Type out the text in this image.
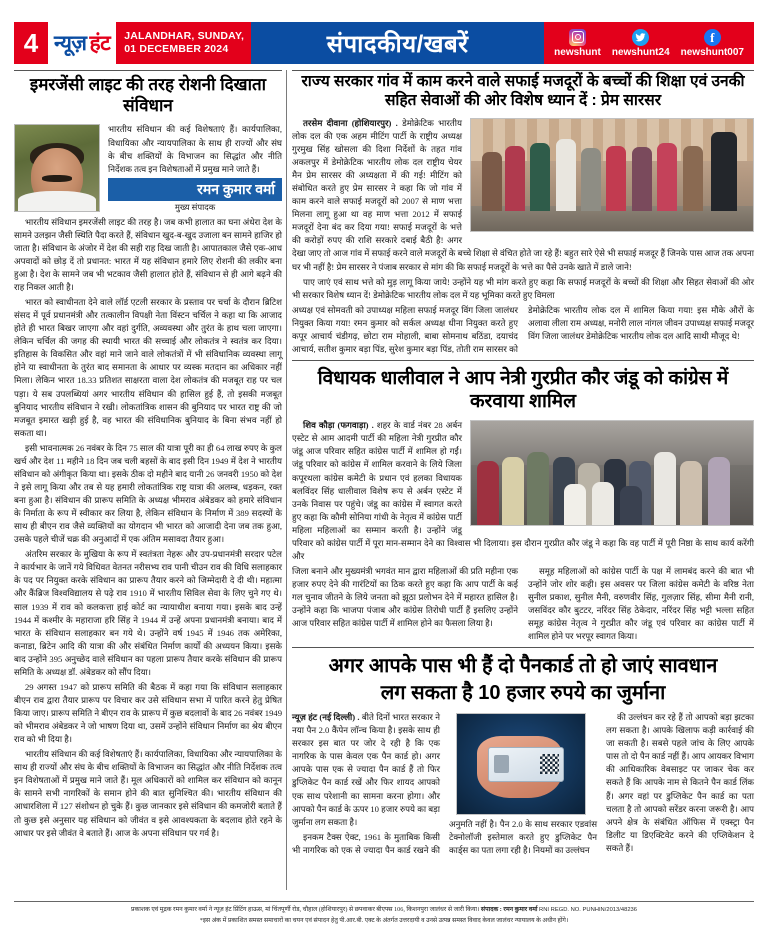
4 न्यूज़ हंट JALANDHAR, SUNDAY,
01 DECEMBER 2024	संपादकीय/खबरें	newshunt newshunt24
f
newshunt007
इमरजेंसी लाइट की तरह रोशनी दिखाता संविधान

भारतीय संविधान की कई विशेषताएं हैं। कार्यपालिका, विधायिका और न्यायपालिका के साथ ही राज्यों और संघ के बीच शक्तियों के विभाजन का सिद्धांत और नीति निर्देशक तत्व इन विशेषताओं में प्रमुख माने जाते हैं।

रमन कुमार वर्मा
मुख्य संपादक

भारतीय संविधान इमरजेंसी लाइट की तरह है। जब कभी हालात का घना अंधेरा देश के सामने उलझन जैसी स्थिति पैदा करते हैं, संविधान खुद-ब-खुद उजाला बन सामने हाजिर हो जाता है। संविधान के अंजोर में देश की सही राह दिख जाती है। आपातकाल जैसे एक-आध अपवादों को छोड़ दें तो प्रधानत: भारत में यह संविधान हमारे लिए रोशनी की लकीर बना हुआ है। देश के सामने जब भी भटकाव जैसी हालात होते हैं, संविधान से ही आगे बढ़ने की राह निकल आती है।

भारत को स्वाधीनता देने वाले लॉर्ड एटली सरकार के प्रस्ताव पर चर्चा के दौरान ब्रिटिश संसद में पूर्व प्रधानमंत्री और तत्कालीन विपक्षी नेता विंस्टन चर्चिल ने कहा था कि आजाद होते ही भारत बिखर जाएगा और वहां दुर्गति, अव्यवस्था और तुरंत के हाथ चला जाएगा। लेकिन चर्चिल की जगह की स्थायी भारत की सच्चाई और लोकतंत्र ने स्वतंत्र कर दिया। इतिहास के विकसित और वहां माने जाने वाले लोकतंत्रों में भी संविधानिक व्यवस्था लागू होने या स्वाधीनता के तुरंत बाद समानता के आधार पर व्यस्क मतदान का अधिकार नहीं मिला। लेकिन भारत 18.33 प्रतिशत साक्षरता वाला देश लोकतंत्र की मजबूत राह पर चल पड़ा। ये सब उपलब्धियां अगर भारतीय संविधान की हासिल हुई हैं, तो इसकी मजबूत बुनियाद भारतीय संविधान ने रखी। लोकतांत्रिक शासन की बुनियाद पर भारत राष्ट्र की जो मजबूत इमारत खड़ी हुई है, वह भारत की संविधानिक बुनियाद के बिना संभव नहीं हो सकता था।

इसी भावनात्मक 26 नवंबर के दिन 75 साल की यात्रा पूरी का ही 64 लाख रुपए के कुल खर्च और देश 11 महीने 18 दिन जब चली बहसों के बाद इसी दिन 1949 में देश ने भारतीय संविधान को अंगीकृत किया था। इसके ठीक दो महीने बाद यानी 26 जनवरी 1950 को देश ने इसे लागू किया और तब से यह हमारी लोकतांत्रिक राष्ट्र यात्रा की अलम्ब, धड़कन, रक्त बना हुआ है। संविधान की प्रारूप समिति के अध्यक्ष भीमराव अंबेडकर को हमारे संविधान के निर्माता के रूप में स्वीकार कर लिया है, लेकिन संविधान के निर्माण में 389 सदस्यों के साथ ही बीएन राव जैसे व्यक्तियों का योगदान भी भारत को आजादी देना जब तक हुआ, उसके पहले चीजें चक्र की अनुआदों में एक अंतिम मसावदा तैयार हुआ।

अंतरिम सरकार के मुखिया के रूप में स्वतंत्रता नेहरू और उप-प्रधानमंत्री सरदार पटेल ने कार्यभार के जानें गये विधिवत वेतनत नरीसभ्य राव पानी चीउन राव की विधि सलाहकार के पद पर नियुक्त करके संविधान का प्रारूप तैयार करने को जिम्मेदारी दे दी थी। महात्मा और कैंब्रिज विश्वविद्यालय से पढ़े राव 1910 में भारतीय सिविल सेवा के लिए चुने गए थे। साल 1939 में राव को कलकत्ता हाई कोर्ट का न्यायाधीश बनाया गया। इसके बाद उन्हें 1944 में कश्मीर के महाराजा हरि सिंह ने 1944 में उन्हें अपना प्रधानमंत्री बनाया। बाद में भारत के संविधान सलाहकार बन गये थे। उन्होंने वर्ष 1945 में 1946 तक अमेरिका, कनाडा, ब्रिटेन आदि की यात्रा की और संबंधित निर्माण कार्यों की अध्ययन किया। इसके बाद उन्होंने 395 अनुच्छेद वाले संविधान का पहला प्रारूप तैयार करके संविधान की प्रारूप समिति के अध्यक्ष डॉ. अंबेडकर को सौंप दिया।

29 अगस्त 1947 को प्रारूप समिति की बैठक में कहा गया कि संविधान सलाहकार बीएन राव द्वारा तैयार प्रारूप पर विचार कर उसे संविधान सभा में पारित करने हेतु प्रेषित किया जाए। प्रारूप समिति ने बीएन राव के प्रारूप में कुछ बदलावों के बाद 26 नवंबर 1949 को भीमराव अंबेडकर ने जो भाषण दिया था, उसमें उन्होंने संविधान निर्माण का श्रेय बीएन राव को भी दिया है।

भारतीय संविधान की कई विशेषताएं हैं। कार्यपालिका, विधायिका और न्यायपालिका के साथ ही राज्यों और संघ के बीच शक्तियों के विभाजन का सिद्धांत और नीति निर्देशक तत्व इन विशेषताओं में प्रमुख माने जाते हैं। मूल अधिकारों को शामिल कर संविधान को कानून के सामने सभी नागरिकों के समान होने की बात सुनिश्चित की। भारतीय संविधान की आधारशिला में 127 संशोधन हो चुके हैं। कुछ जानकार इसे संविधान की कमजोरी बताते हैं तो कुछ इसे अनुसार यह संविधान को जीवंत व इसे आवश्यकता के बदलाव होते रहने के आधार पर इसे जीवंत वे बताते हैं। आज के अपना संविधान पर गर्व है।

राज्य सरकार गांव में काम करने वाले सफाई मजदूरों के बच्चों की शिक्षा एवं उनकी सहित सेवाओं की ओर विशेष ध्यान दें : प्रेम सारसर

तरसेम दीवाना (होशियारपुर) . डेमोक्रेटिक भारतीय लोक दल की एक अहम मीटिंग पार्टी के राष्ट्रीय अध्यक्ष गुरमुख सिंह खोसला की दिशा निर्देशों के तहत गांव अकलपुर में डेमोक्रेटिक भारतीय लोक दल राष्ट्रीय चेयर मैन प्रेम सारसर की अध्यक्षता में की गई! मीटिंग को संबोधित करते हुए प्रेम सारसर ने कहा कि जो गांव में काम करने वाले सफाई मजदूरों को 2007 से माण भत्ता मिलना लागू हुआ था वह माण भत्ता 2012 में सफाई मजदूरों देना बंद कर दिया गया! सफाई मजदूरों के भत्ते की करोड़ों रुपए की राशि सरकारे दबाई बैठी है! अगर देखा जाए तो आज गांव में सफाई करने वाले मजदूरों के बच्चे शिक्षा से वंचित होते जा रहे हैं! बहुत सारे ऐसे भी सफाई मजदूर हैं जिनके पास आज तक अपना घर भी नहीं है! प्रेम सारसर ने पंजाब सरकार से मांग की कि सफाई मजदूरों के भत्ते का पैसे उनके खाते में डाले जाने!

पाए जाएं एवं साथ भत्ते को मुड़ लागू किया जाये! उन्होंने यह भी मांग करते हुए कहा कि सफाई मजदूरों के बच्चों की शिक्षा और सिहत सेवाओं की ओर भी सरकार विशेष ध्यान दें! डेमोक्रेटिक भारतीय लोक दल में यह भूमिका करते हुए विमला

अध्यक्ष एवं सोमवती को उपाध्यक्ष महिला सफाई मजदूर विंग जिला जालंधर नियुक्त किया गया! रमन कुमार को सर्कल अध्यक्ष धीना नियुक्त करते हुए कपूर आचार्य चंडीगढ़, छोटा राम मोहाली, बाबा सोमनाथ बठिंडा, दयाचंद आचार्य, सतीश कुमार बड़ा पिंड, सुरेश कुमार बड़ा पिंड, तोती राम सारसर को डेमोक्रेटिक भारतीय लोक दल में शामिल किया गया! इस मौके औरों के अलावा लीला राम अध्यक्ष, मनोरी लाल नांगल जीवन उपाध्यक्ष सफाई मजदूर विंग जिला जालंधर डेमोक्रेटिक भारतीय लोक दल आदि साथी मौजूद थे!

विधायक धालीवाल ने आप नेत्री गुरप्रीत कौर जंडू को कांग्रेस में करवाया शामिल

शिव कौड़ा (फगवाड़ा) . शहर के वार्ड नंबर 28 अर्बन एस्टेट से आम आदमी पार्टी की महिला नेत्री गुरप्रीत कौर जंडू आज परिवार सहित कांग्रेस पार्टी में शामिल हो गईं। जंडू परिवार को कांग्रेस में शामिल करवाने के लिये जिला कपूरथला कांग्रेस कमेटी के प्रधान एवं हलका विधायक बलविंदर सिंह धालीवाल विशेष रूप से अर्बन एस्टेट में उनके निवास पर पहुंचे। जंडू का कांग्रेस में स्वागत करते हुए कहा कि कौमी सोनिया गांधी के नेतृत्व में कांग्रेस पार्टी महिला महिलाओं का सम्मान करती है। उन्होंने जंडू परिवार को कांग्रेस पार्टी में पूरा मान-सम्मान देने का विश्वास भी दिलाया। इस दौरान गुरप्रीत कौर जंडू ने कहा कि वह पार्टी में पूरी निष्ठा के साथ कार्य करेंगी और

जिला बनाने और मुख्यमंत्री भगवंत मान द्वारा महिलाओं की प्रति महीना एक हजार रुपए देने की गारंटियों का ठिक करते हुए कहा कि आप पार्टी के कई गल चुनाव जीतने के लिये जनता को झूठा प्रलोभन देने में महारत हासिल है। उन्होंने कहा कि भाजपा पंजाब और कांग्रेस तिरोधी पार्टी हैं इसलिए उन्होंने आज परिवार सहित कांग्रेस पार्टी में शामिल होने का फैसला लिया है।

समूह महिलाओं को कांग्रेस पार्टी के पक्ष में लामबंद करने की बात भी उन्होंने जोर शोर कही। इस अवसर पर जिला कांग्रेस कमेटी के वरिष्ठ नेता सुनील प्रकाश, सुनील मैनी, वरुणवीर सिंह, गुलज़ार सिंह, सीमा मैनी रानी, जसविंदर कौर बुटटर, नरिंदर सिंह ठेकेदार, नरिंदर सिंह भट्टी भल्ला सहित समूह कांग्रेस नेतृत्व ने गुरप्रीत कौर जंडू एवं परिवार का कांग्रेस पार्टी में शामिल होने पर भरपूर स्वागत किया।

अगर आपके पास भी हैं दो पैनकार्ड तो हो जाएं सावधान
लग सकता है 10 हजार रुपये का जुर्माना

न्यूज़ हंट (नई दिल्ली) . बीते दिनों भारत सरकार ने नया पैन 2.0 कैंपेन लॉन्च किया है। इसके साथ ही सरकार इस बात पर जोर दे रही है कि एक नागरिक के पास केवल एक पैन कार्ड हो। अगर आपके पास एक से ज्यादा पैन कार्ड हैं तो फिर डुप्लिकेट पैन कार्ड रखें और फिर शायद आपको एक साथ परेशानी का सामना करना होगा। और आपको पैन कार्ड के ऊपर 10 हजार रुपये का बड़ा जुर्माना लग सकता है।

इनकम टैक्स ऐक्ट, 1961 के मुताबिक किसी भी नागरिक को एक से ज्यादा पैन कार्ड रखने की अनुमति नहीं है। पैन 2.0 के साथ सरकार एडवांस टेक्नोलॉजी इस्तेमाल करते हुए डुप्लिकेट पैन कार्ड्स का पता लगा रही है। नियमों का उल्लंघन

की उल्लंघन कर रहे हैं तो आपको बड़ा झटका लग सकता है। आपके खिलाफ कड़ी कार्रवाई की जा सकती है। सबसे पहले जांच के लिए आपके पास तो दो पैन कार्ड नहीं हैं। आप आयकर विभाग की आधिकारिक वेबसाइट पर जाकर चेक कर सकते हैं कि आपके नाम से कितने पैन कार्ड लिंक हैं। अगर वहां पर डुप्लिकेट पैन कार्ड का पता चलता है तो आपको सरेंडर करना जरूरी है। आप अपने क्षेत्र के संबंधित ऑफिस में एक्स्ट्रा पैन डिलीट या डिएक्टिवेट करने की एप्लिकेशन दे सकते हैं।

प्रकाशक एवं मुद्रक रमन कुमार वर्मा ने न्यूज़ हंट प्रिंटिंग हाऊस, मां चिंतपूर्णी रोड, चौहाल (होशियारपुर) से छपवाकर बीएफ्स 106, किशनपुरा जालंधर से जारी किया। संपादक : रमन कुमार वर्मा RNI REGD. NO. PUNHIN/2013/48236
*इस अंक में प्रकाशित समस्त समाचारों का चयन एवं संपादन हेतु पी.आर.बी. एक्ट के अंतर्गत उत्तरदायी व उनसे उत्पन्न समस्त विवाद केवल जालंधर न्यायालय के अधीन होंगे।
